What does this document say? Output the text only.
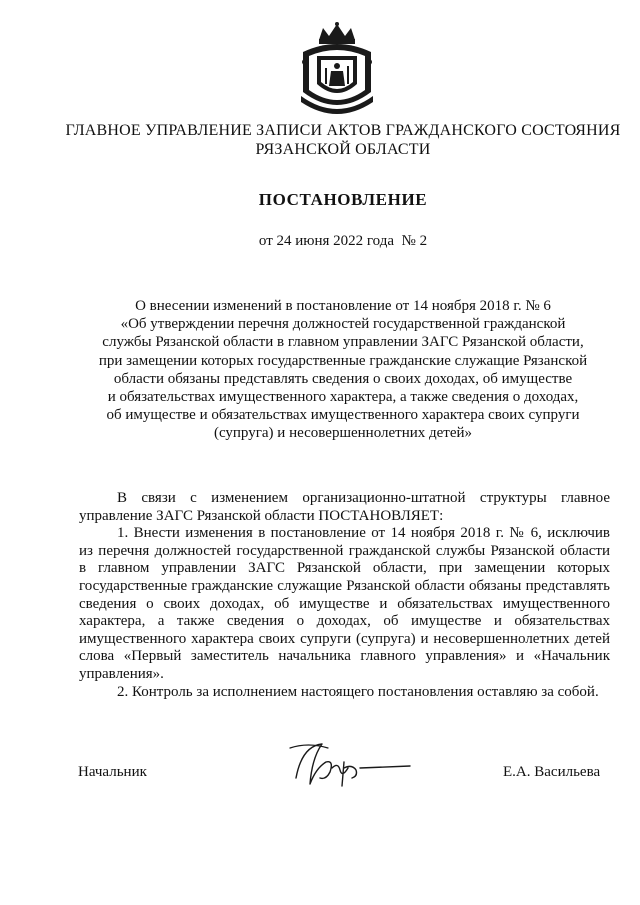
ГЛАВНОЕ УПРАВЛЕНИЕ ЗАПИСИ АКТОВ ГРАЖДАНСКОГО СОСТОЯНИЯ
РЯЗАНСКОЙ ОБЛАСТИ
ПОСТАНОВЛЕНИЕ
от 24 июня 2022 года  № 2
О внесении изменений в постановление от 14 ноября 2018 г. № 6
«Об утверждении перечня должностей государственной гражданской
службы Рязанской области в главном управлении ЗАГС Рязанской области,
при замещении которых государственные гражданские служащие Рязанской
области обязаны представлять сведения о своих доходах, об имуществе
и обязательствах имущественного характера, а также сведения о доходах,
об имуществе и обязательствах имущественного характера своих супруги
(супруга) и несовершеннолетних детей»
В связи с изменением организационно-штатной структуры главное
управление ЗАГС Рязанской области ПОСТАНОВЛЯЕТ:
1. Внести изменения в постановление от 14 ноября 2018 г. № 6, исключив
из перечня должностей государственной гражданской службы Рязанской области
в главном управлении ЗАГС Рязанской области, при замещении которых
государственные гражданские служащие Рязанской области обязаны представлять
сведения о своих доходах, об имуществе и обязательствах имущественного
характера, а также сведения о доходах, об имуществе и обязательствах
имущественного характера своих супруги (супруга) и несовершеннолетних детей
слова «Первый заместитель начальника главного управления» и «Начальник
управления».
2. Контроль за исполнением настоящего постановления оставляю за собой.
Начальник	Е.А. Васильева
